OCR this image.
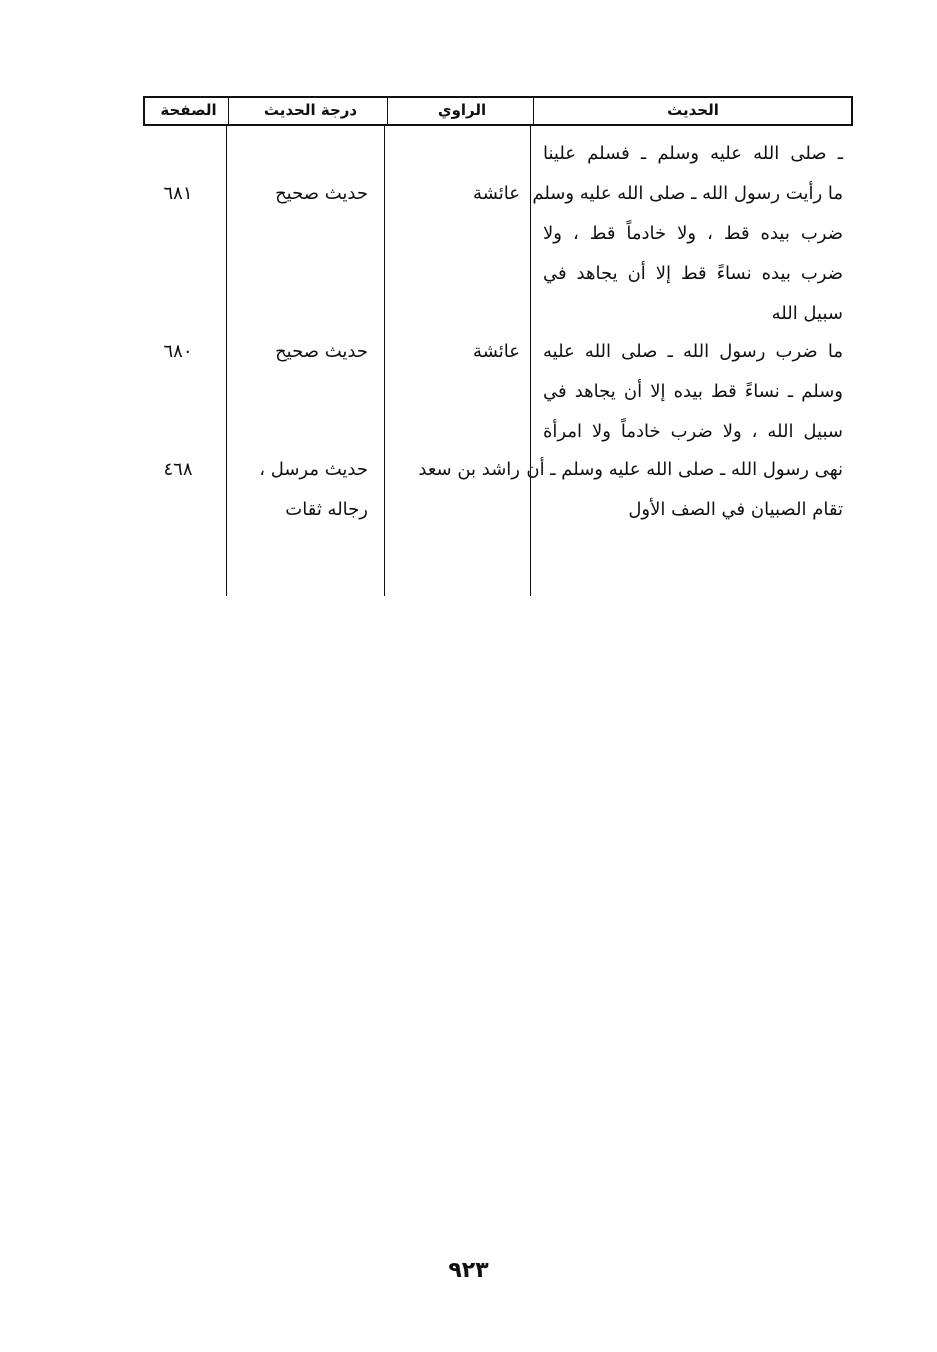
الحديث
الراوي
درجة الحديث
الصفحة
ـ صلى الله عليه وسلم ـ فسلم علينا
ما رأيت رسول الله ـ صلى الله عليه وسلم
ضرب بيده قط ، ولا خادماً قط ، ولا
ضرب بيده نساءً قط إلا أن يجاهد في
سبيل الله
ما ضرب رسول الله ـ صلى الله عليه
وسلم ـ نساءً قط بيده إلا أن يجاهد في
سبيل الله ، ولا ضرب خادماً ولا امرأة
نهى رسول الله ـ صلى الله عليه وسلم ـ أن
تقام الصبيان في الصف الأول
عائشة
حديث صحيح
٦٨١
عائشة
حديث صحيح
٦٨٠
راشد بن سعد
حديث مرسل ،
رجاله ثقات
٤٦٨
٩٢٣
